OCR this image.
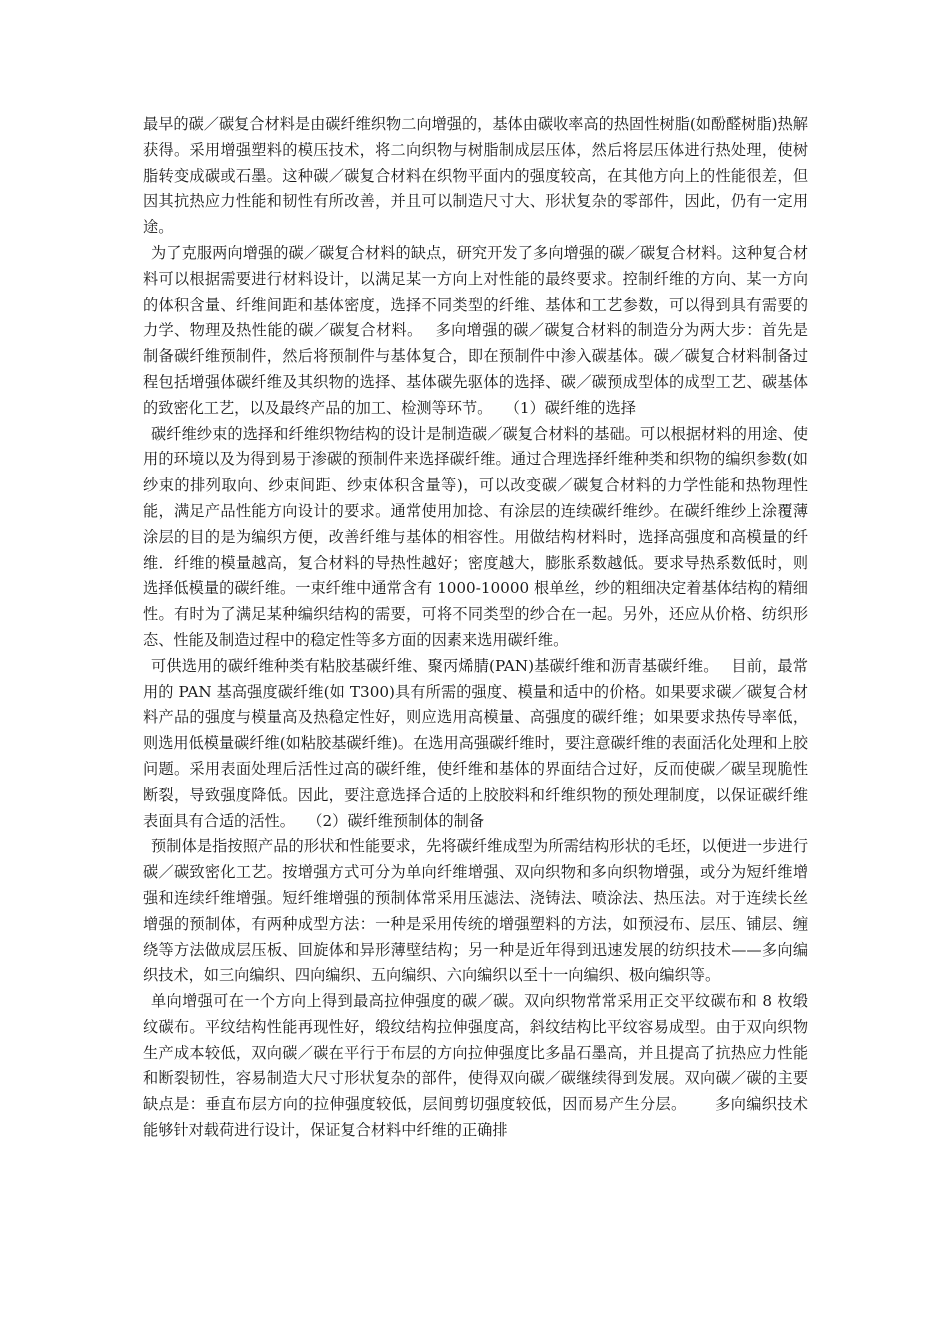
最早的碳／碳复合材料是由碳纤维织物二向增强的，基体由碳收率高的热固性树脂(如酚醛树脂)热解获得。采用增强塑料的模压技术，将二向织物与树脂制成层压体，然后将层压体进行热处理，使树脂转变成碳或石墨。这种碳／碳复合材料在织物平面内的强度较高，在其他方向上的性能很差，但因其抗热应力性能和韧性有所改善，并且可以制造尺寸大、形状复杂的零部件，因此，仍有一定用途。

为了克服两向增强的碳／碳复合材料的缺点，研究开发了多向增强的碳／碳复合材料。这种复合材料可以根据需要进行材料设计，以满足某一方向上对性能的最终要求。控制纤维的方向、某一方向的体积含量、纤维间距和基体密度，选择不同类型的纤维、基体和工艺参数，可以得到具有需要的力学、物理及热性能的碳／碳复合材料。　 多向增强的碳／碳复合材料的制造分为两大步：首先是制备碳纤维预制件，然后将预制件与基体复合，即在预制件中渗入碳基体。碳／碳复合材料制备过程包括增强体碳纤维及其织物的选择、基体碳先驱体的选择、碳／碳预成型体的成型工艺、碳基体的致密化工艺，以及最终产品的加工、检测等环节。　 （1）碳纤维的选择

碳纤维纱束的选择和纤维织物结构的设计是制造碳／碳复合材料的基础。可以根据材料的用途、使用的环境以及为得到易于渗碳的预制件来选择碳纤维。通过合理选择纤维种类和织物的编织参数(如纱束的排列取向、纱束间距、纱束体积含量等)，可以改变碳／碳复合材料的力学性能和热物理性能，满足产品性能方向设计的要求。通常使用加捻、有涂层的连续碳纤维纱。在碳纤维纱上涂覆薄涂层的目的是为编织方便，改善纤维与基体的相容性。用做结构材料时，选择高强度和高模量的纤维．纤维的模量越高，复合材料的导热性越好；密度越大，膨胀系数越低。要求导热系数低时，则选择低模量的碳纤维。一束纤维中通常含有 1000-10000 根单丝，纱的粗细决定着基体结构的精细性。有时为了满足某种编织结构的需要，可将不同类型的纱合在一起。另外，还应从价格、纺织形态、性能及制造过程中的稳定性等多方面的因素来选用碳纤维。

可供选用的碳纤维种类有粘胶基碳纤维、聚丙烯腈(PAN)基碳纤维和沥青基碳纤维。　 目前，最常用的 PAN 基高强度碳纤维(如 T300)具有所需的强度、模量和适中的价格。如果要求碳／碳复合材料产品的强度与模量高及热稳定性好，则应选用高模量、高强度的碳纤维；如果要求热传导率低，则选用低模量碳纤维(如粘胶基碳纤维)。在选用高强碳纤维时，要注意碳纤维的表面活化处理和上胶问题。采用表面处理后活性过高的碳纤维，使纤维和基体的界面结合过好，反而使碳／碳呈现脆性断裂，导致强度降低。因此，要注意选择合适的上胶胶料和纤维织物的预处理制度，以保证碳纤维表面具有合适的活性。　 （2）碳纤维预制体的制备

预制体是指按照产品的形状和性能要求，先将碳纤维成型为所需结构形状的毛坯，以便进一步进行碳／碳致密化工艺。按增强方式可分为单向纤维增强、双向织物和多向织物增强，或分为短纤维增强和连续纤维增强。短纤维增强的预制体常采用压滤法、浇铸法、喷涂法、热压法。对于连续长丝增强的预制体，有两种成型方法：一种是采用传统的增强塑料的方法，如预浸布、层压、铺层、缠绕等方法做成层压板、回旋体和异形薄壁结构；另一种是近年得到迅速发展的纺织技术——多向编织技术，如三向编织、四向编织、五向编织、六向编织以至十一向编织、极向编织等。

单向增强可在一个方向上得到最高拉伸强度的碳／碳。双向织物常常采用正交平纹碳布和 8 枚缎纹碳布。平纹结构性能再现性好，缎纹结构拉伸强度高，斜纹结构比平纹容易成型。由于双向织物生产成本较低，双向碳／碳在平行于布层的方向拉伸强度比多晶石墨高，并且提高了抗热应力性能和断裂韧性，容易制造大尺寸形状复杂的部件，使得双向碳／碳继续得到发展。双向碳／碳的主要缺点是：垂直布层方向的拉伸强度较低，层间剪切强度较低，因而易产生分层。　 　多向编织技术能够针对载荷进行设计，保证复合材料中纤维的正确排
